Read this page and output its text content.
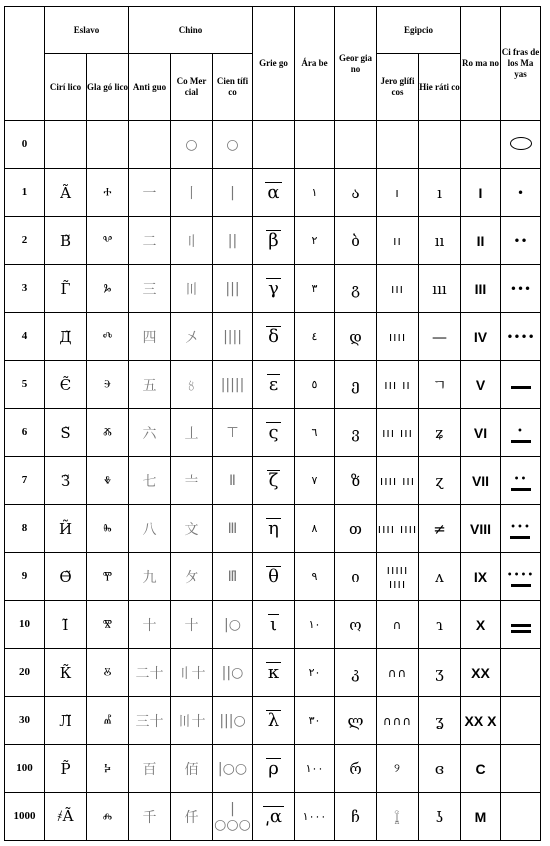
	Eslavo		Chino			Grie go	Ára be	Geor gia no	Egipcio		Ro ma no	Ci fras de los Ma yas
	Cirí lico	Gla gó lico	Anti guo	Co Mer cial	Cien tífi co				Jero glífi cos	Hie ráti co		
0				○	○							
1	А̃	ⰰ	一	丨	|	α	١	ა	ı	ı	I	•
2	В̃	ⰲ	二	〢	||	β	٢	ბ	ıı	ıı	II	••
3	Г̃	ⰳ	三	〣	|||	γ	٣	გ	ııı	ııı	III	•••
4	Д̃	ⰴ	四	〤	||||	δ	٤	დ	ıııı	—	IV	••••
5	Є̃	ⰵ	五	〥	|||||	ε	٥	ე	ııı ıı	ㄱ	V	

6	Ѕ̃	ⰶ	六	丄	⊤	ς	٦	ვ	ııı ııı	ʑ	VI	•

7	З̃	ⰷ	七	〧	Ⅱ	ζ	٧	ზ	ıııı ııı	ɀ	VII	••

8	И̃	ⰸ	八	文	Ⅲ	η	٨	თ	ıııı ıııı	≠	VIII	•••

9	Ѳ̃	ⰹ	九	〩	Ⅲ̄	θ	٩	ი	ııııı ıııı	ʌ	IX	••••

10	Ӏ̃	ⰺ	十	十	|○	ι	١٠	ო	∩	ɿ	X	

20	К̃	ⰻ	二十	〢十	||○	κ	٢٠	კ	∩∩	ʒ	XX	
30	Л̃	ⰼ	三十	〣十	|||○	λ	٣٠	ლ	∩∩∩	ʓ	XX X	
100	Р̃	ⰽ	百	佰	|○○	ρ	١٠٠	რ	୨	ɞ	C	
1000	҂А̃	ⰾ	千	仟	|○○○	͵α	١٠٠٠	ჩ	𓆼	ʖ	M	
